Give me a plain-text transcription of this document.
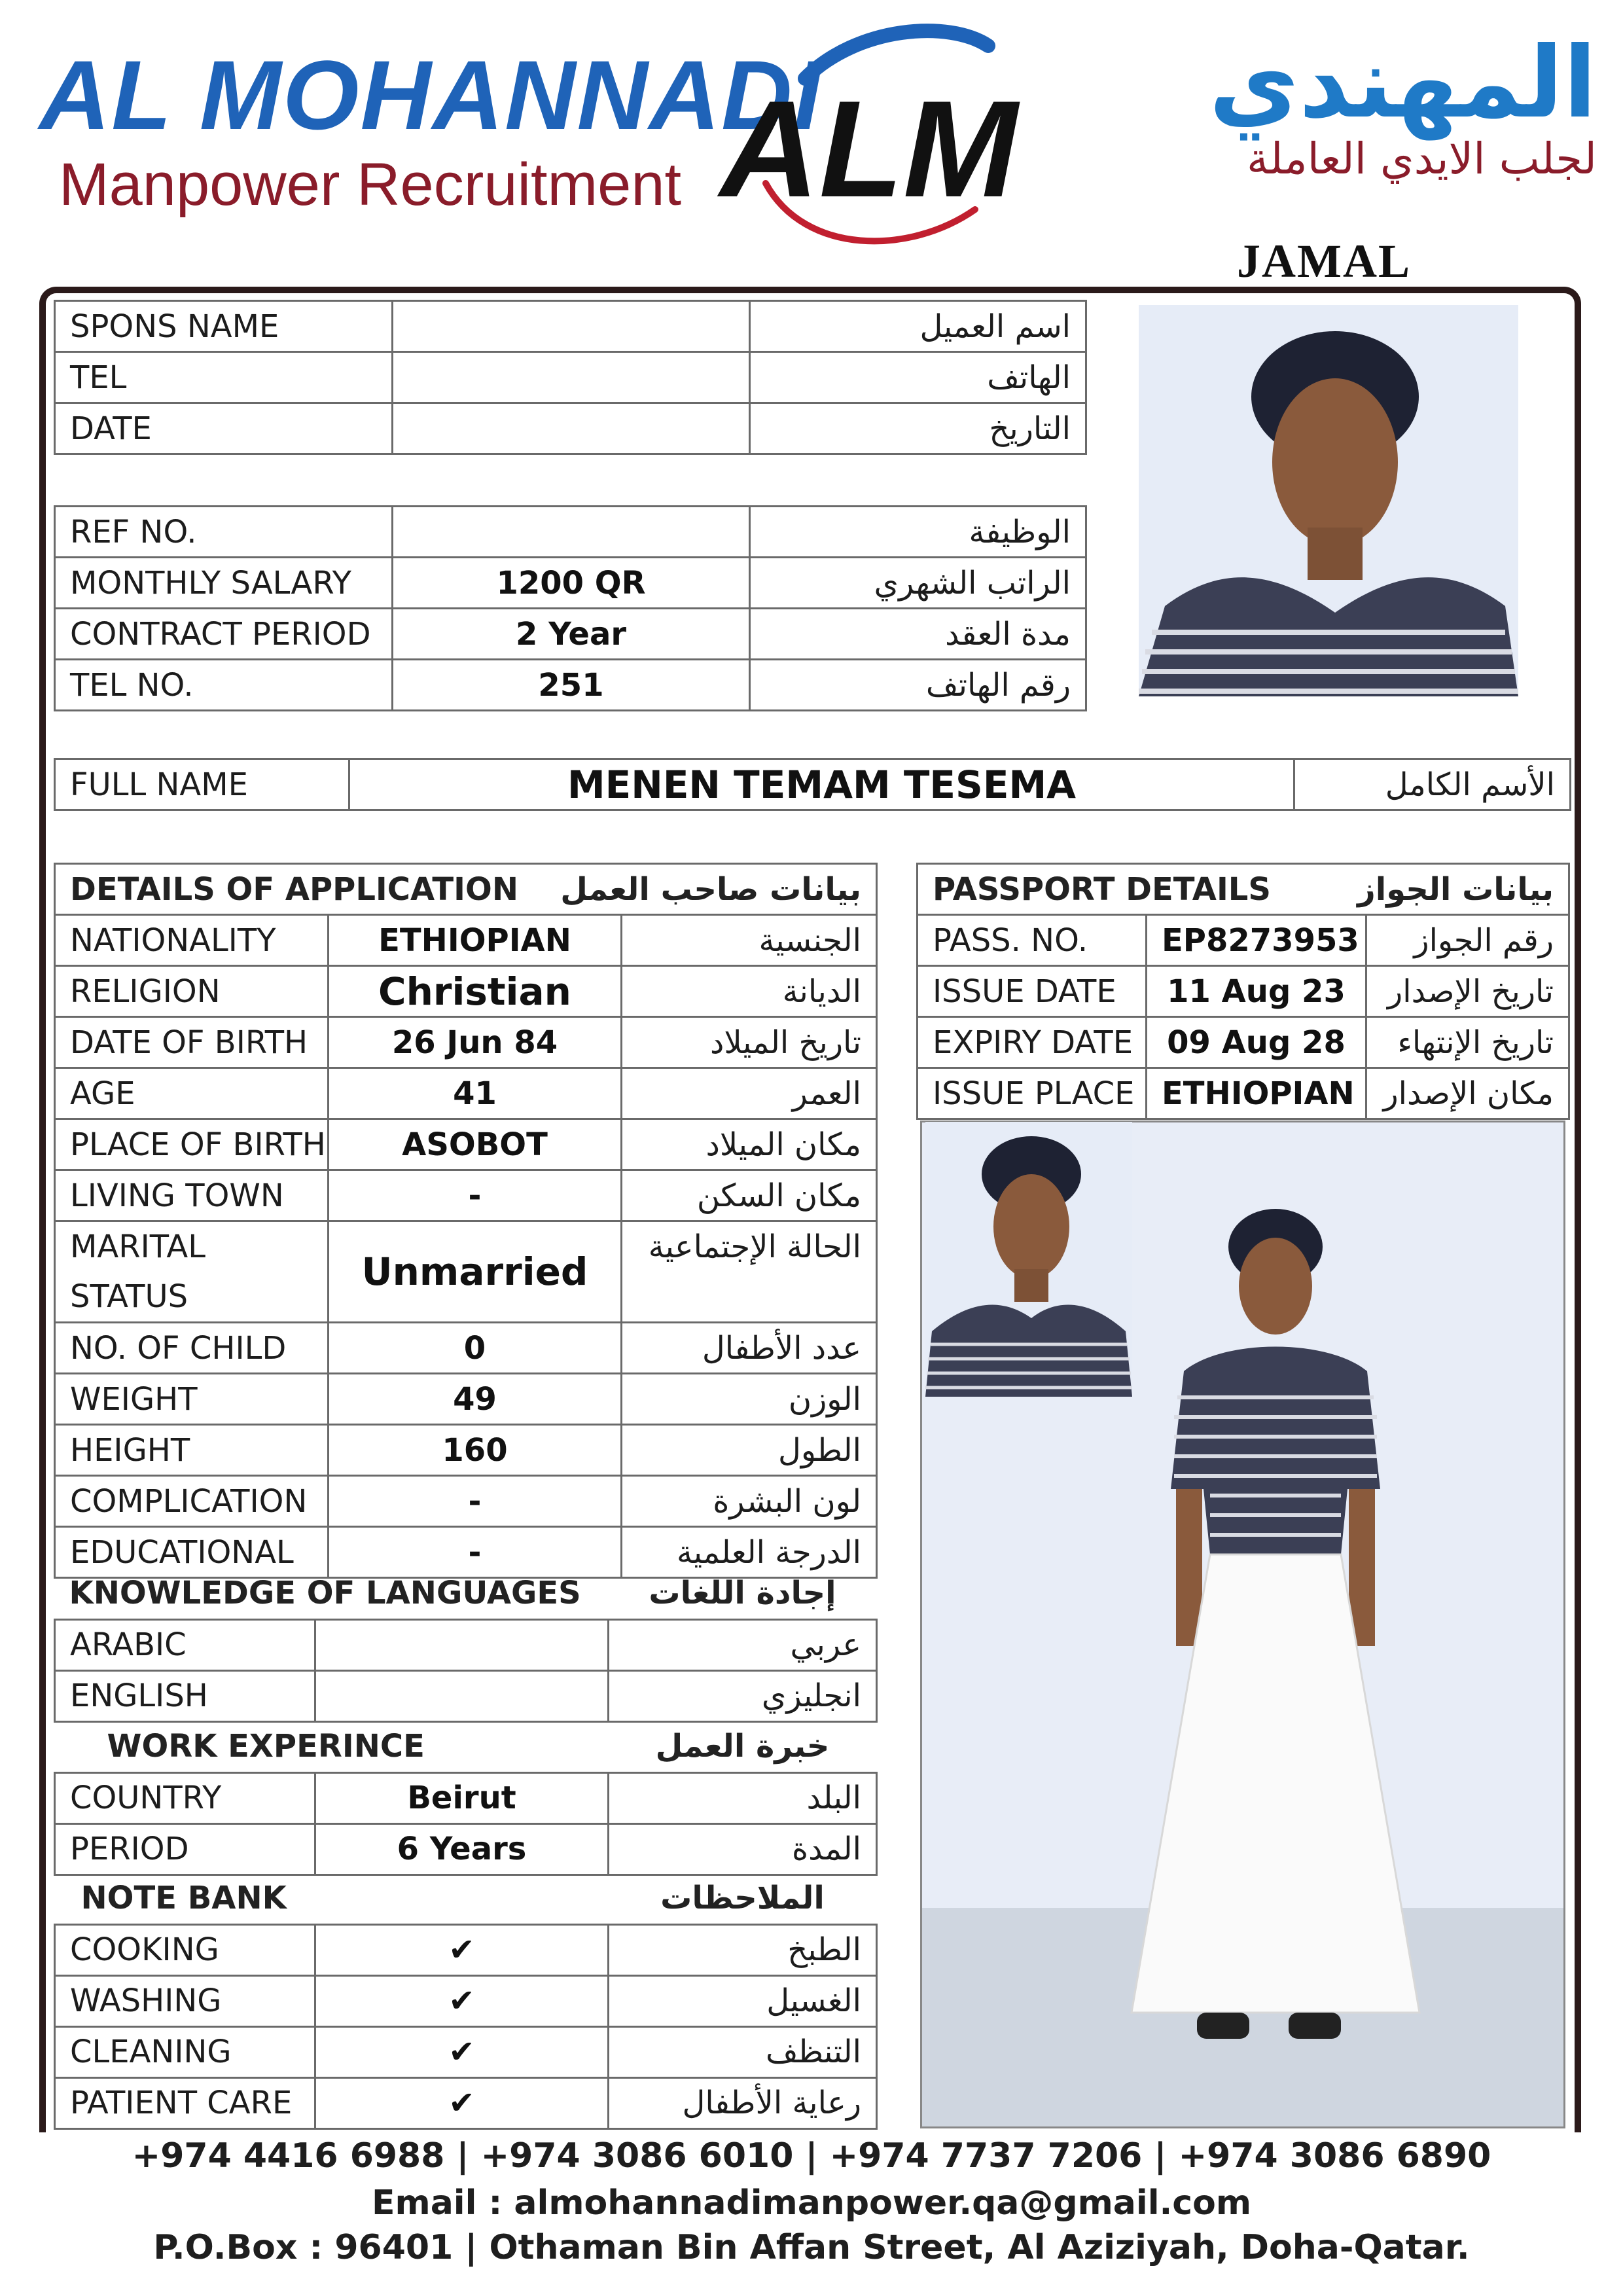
AL MOHANNADI
Manpower Recruitment ALM المهندي
لجلب الايدي العاملة
JAMAL
SPONS NAME		اسم العميل
TEL		الهاتف
DATE		التاريخ
REF NO.		الوظيفة
MONTHLY SALARY	1200 QR	الراتب الشهري
CONTRACT PERIOD	2 Year	مدة العقد
TEL NO.	251	رقم الهاتف
FULL NAME	MENEN TEMAM TESEMA	الأسم الكامل
DETAILS OF APPLICATION		بيانات صاحب العمل
NATIONALITY	ETHIOPIAN	الجنسية
RELIGION	Christian	الديانة
DATE OF BIRTH	26 Jun 84	تاريخ الميلاد
AGE	41	العمر
PLACE OF BIRTH	ASOBOT	مكان الميلاد
LIVING TOWN	-	مكان السكن
MARITAL STATUS	Unmarried	الحالة الإجتماعية
NO. OF CHILD	0	عدد الأطفال
WEIGHT	49	الوزن
HEIGHT	160	الطول
COMPLICATION	-	لون البشرة
EDUCATIONAL	-	الدرجة العلمية
PASSPORT DETAILS		بيانات الجواز
PASS. NO.	EP8273953	رقم الجواز
ISSUE DATE	11 Aug 23	تاريخ الإصدار
EXPIRY DATE	09 Aug 28	تاريخ الإنتهاء
ISSUE PLACE	ETHIOPIAN	مكان الإصدار
KNOWLEDGE OF LANGUAGES		إجادة اللغات
ARABIC		عربي
ENGLISH		انجليزي
WORK EXPERINCE		خبرة العمل
COUNTRY	Beirut	البلد
PERIOD	6 Years	المدة
NOTE BANK		الملاحظات
COOKING	✔	الطبخ
WASHING	✔	الغسيل
CLEANING	✔	التنظف
PATIENT CARE	✔	رعاية الأطفال
+974 4416 6988 | +974 3086 6010 | +974 7737 7206 | +974 3086 6890
Email : almohannadimanpower.qa@gmail.com
P.O.Box : 96401 | Othaman Bin Affan Street, Al Aziziyah, Doha-Qatar.
